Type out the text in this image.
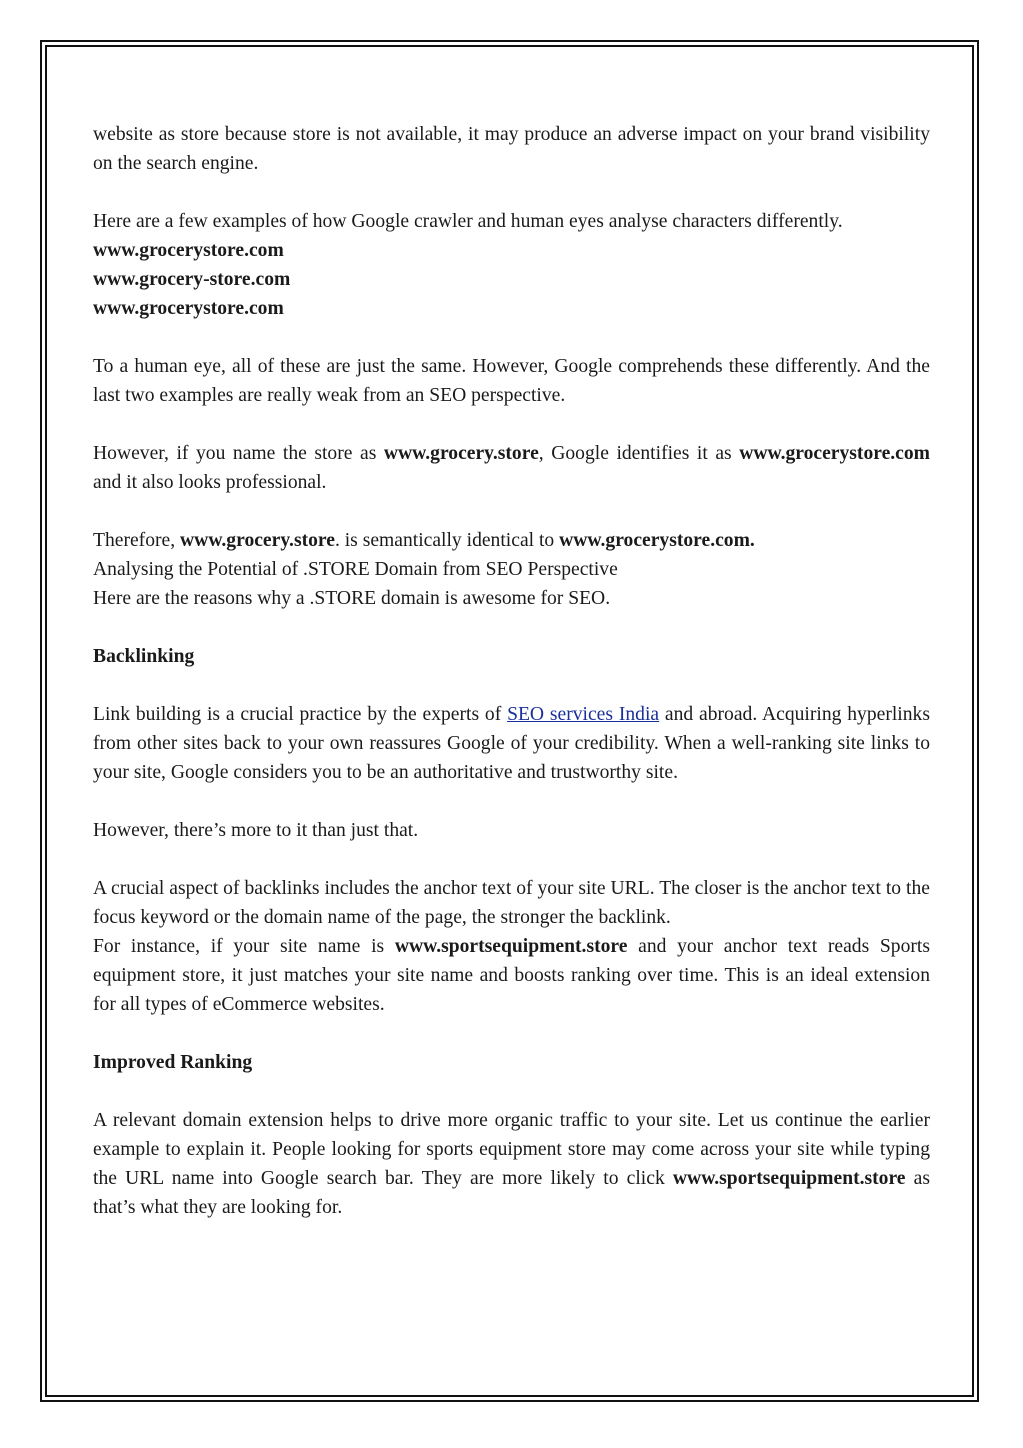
website as store because store is not available, it may produce an adverse impact on your brand visibility on the search engine.

Here are a few examples of how Google crawler and human eyes analyse characters differently.

www.grocerystore.com
www.grocery-store.com
www.grocerystore.com

To a human eye, all of these are just the same. However, Google comprehends these differently. And the last two examples are really weak from an SEO perspective.

However, if you name the store as www.grocery.store, Google identifies it as www.grocerystore.com and it also looks professional.

Therefore, www.grocery.store. is semantically identical to www.grocerystore.com.
Analysing the Potential of .STORE Domain from SEO Perspective
Here are the reasons why a .STORE domain is awesome for SEO.

Backlinking

Link building is a crucial practice by the experts of SEO services India and abroad. Acquiring hyperlinks from other sites back to your own reassures Google of your credibility. When a well-ranking site links to your site, Google considers you to be an authoritative and trustworthy site.

However, there’s more to it than just that.

A crucial aspect of backlinks includes the anchor text of your site URL. The closer is the anchor text to the focus keyword or the domain name of the page, the stronger the backlink.
For instance, if your site name is www.sportsequipment.store and your anchor text reads Sports equipment store, it just matches your site name and boosts ranking over time. This is an ideal extension for all types of eCommerce websites.

Improved Ranking

A relevant domain extension helps to drive more organic traffic to your site. Let us continue the earlier example to explain it. People looking for sports equipment store may come across your site while typing the URL name into Google search bar. They are more likely to click www.sportsequipment.store as that’s what they are looking for.
